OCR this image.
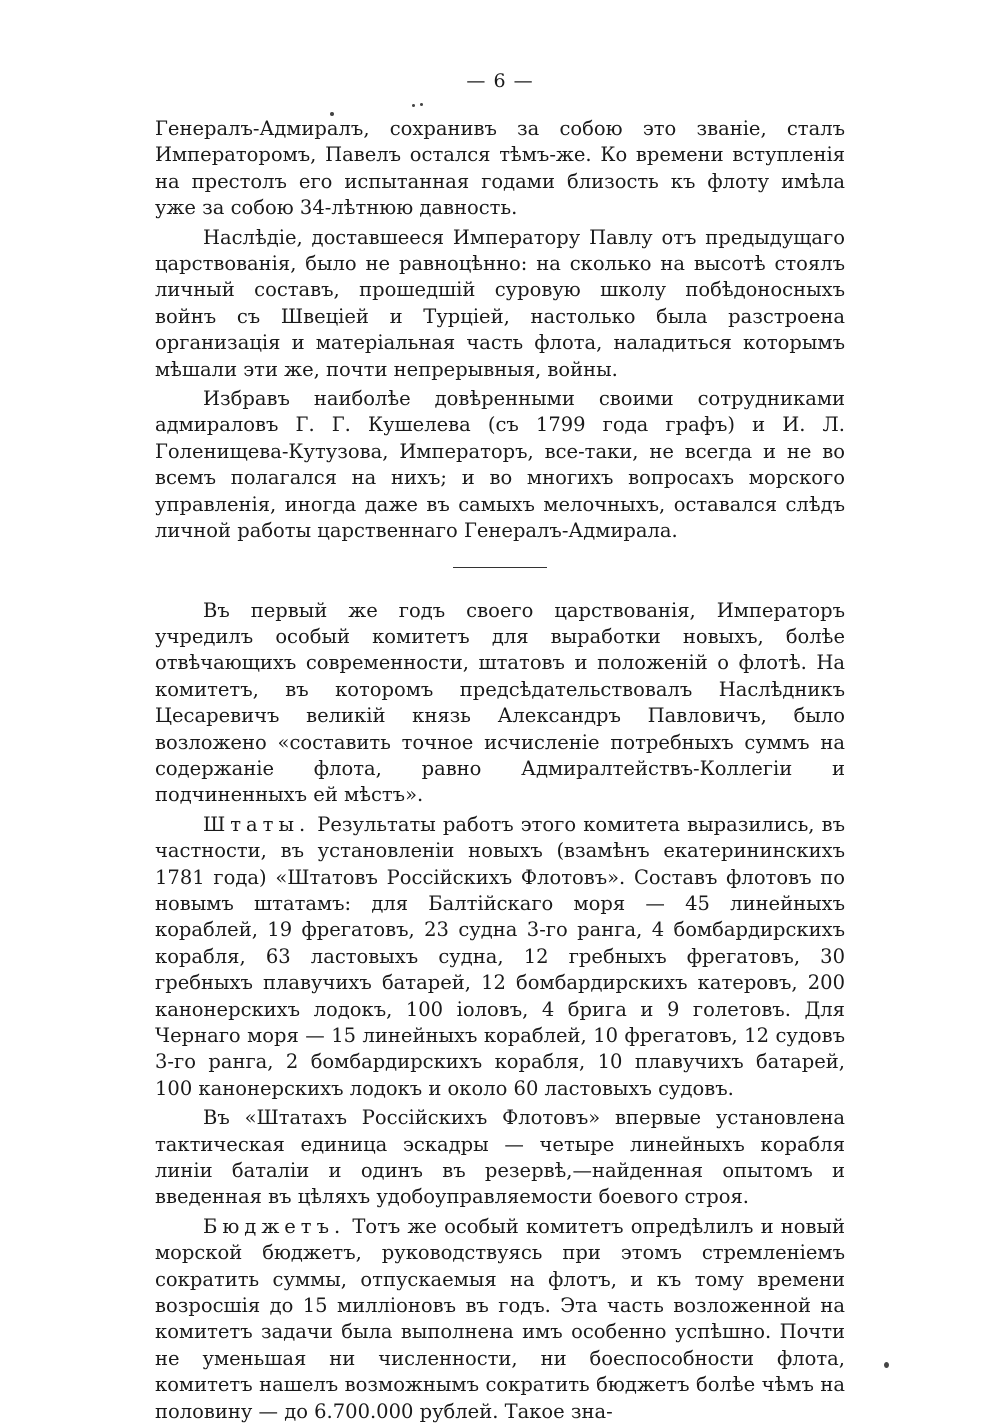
— 6 —

Генералъ-Адмиралъ, сохранивъ за собою это званіе, сталъ Императоромъ, Павелъ остался тѣмъ-же. Ко времени вступленія на престолъ его испытанная годами близость къ флоту имѣла уже за собою 34-лѣтнюю давность.

Наслѣдіе, доставшееся Императору Павлу отъ предыдущаго царствованія, было не равноцѣнно: на сколько на высотѣ стоялъ личный составъ, прошедшій суровую школу побѣдоносныхъ войнъ съ Швеціей и Турціей, настолько была разстроена организація и матеріальная часть флота, наладиться которымъ мѣшали эти же, почти непрерывныя, войны.

Избравъ наиболѣе довѣренными своими сотрудниками адмираловъ Г. Г. Кушелева (съ 1799 года графъ) и И. Л. Голенищева-Кутузова, Императоръ, все-таки, не всегда и не во всемъ полагался на нихъ; и во многихъ вопросахъ морского управленія, иногда даже въ самыхъ мелочныхъ, оставался слѣдъ личной работы царственнаго Генералъ-Адмирала.

Въ первый же годъ своего царствованія, Императоръ учредилъ особый комитетъ для выработки новыхъ, болѣе отвѣчающихъ современности, штатовъ и положеній о флотѣ. На комитетъ, въ которомъ предсѣдательствовалъ Наслѣдникъ Цесаревичъ великій князь Александръ Павловичъ, было возложено «составить точное исчисленіе потребныхъ суммъ на содержаніе флота, равно Адмиралтействъ-Коллегіи и подчиненныхъ ей мѣстъ».

Штаты. Результаты работъ этого комитета выразились, въ частности, въ установленіи новыхъ (взамѣнъ екатерининскихъ 1781 года) «Штатовъ Россійскихъ Флотовъ». Составъ флотовъ по новымъ штатамъ: для Балтійскаго моря — 45 линейныхъ кораблей, 19 фрегатовъ, 23 судна 3-го ранга, 4 бомбардирскихъ корабля, 63 ластовыхъ судна, 12 гребныхъ фрегатовъ, 30 гребныхъ плавучихъ батарей, 12 бомбардирскихъ катеровъ, 200 канонерскихъ лодокъ, 100 іоловъ, 4 брига и 9 голетовъ. Для Чернаго моря — 15 линейныхъ кораблей, 10 фрегатовъ, 12 судовъ 3-го ранга, 2 бомбардирскихъ корабля, 10 плавучихъ батарей, 100 канонерскихъ лодокъ и около 60 ластовыхъ судовъ.

Въ «Штатахъ Россійскихъ Флотовъ» впервые установлена тактическая единица эскадры — четыре линейныхъ корабля линіи баталіи и одинъ въ резервѣ,—найденная опытомъ и введенная въ цѣляхъ удобоуправляемости боевого строя.

Бюджетъ. Тотъ же особый комитетъ опредѣлилъ и новый морской бюджетъ, руководствуясь при этомъ стремленіемъ сократить суммы, отпускаемыя на флотъ, и къ тому времени возросшія до 15 милліоновъ въ годъ. Эта часть возложенной на комитетъ задачи была выполнена имъ особенно успѣшно. Почти не уменьшая ни численности, ни боеспособности флота, комитетъ нашелъ возможнымъ сократить бюджетъ болѣе чѣмъ на половину — до 6.700.000 рублей. Такое зна-
